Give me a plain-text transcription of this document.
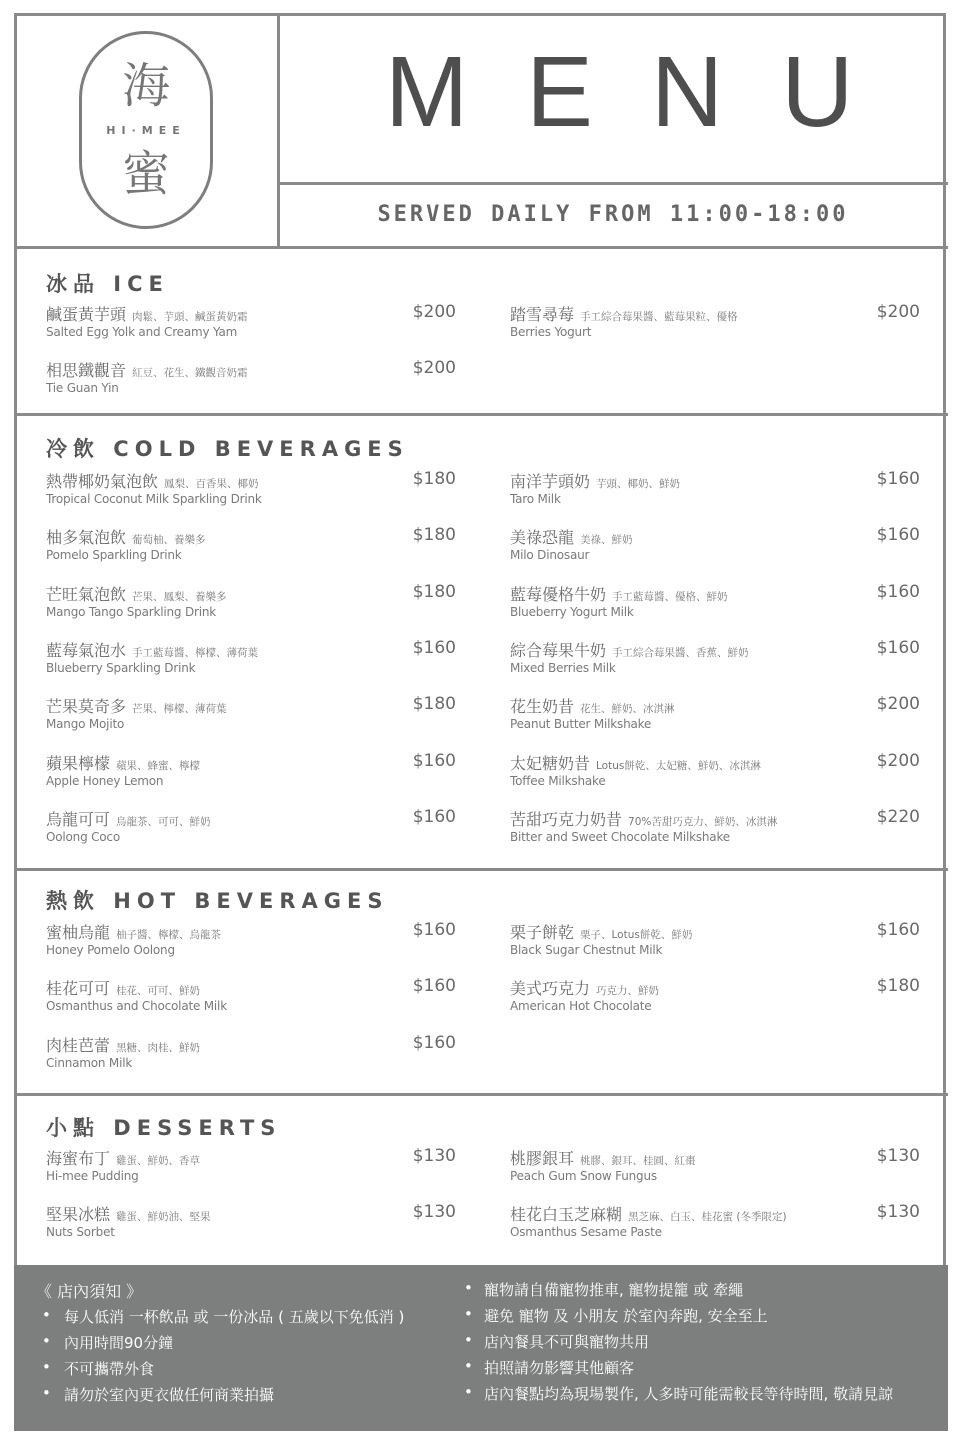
海
HI·MEE
蜜
MENU
SERVED DAILY FROM 11:00-18:00
冰品 ICE
冷飲 COLD BEVERAGES
熱飲 HOT BEVERAGES
小點 DESSERTS
鹹蛋黃芋頭 肉鬆、芋頭、鹹蛋黃奶霜
Salted Egg Yolk and Creamy Yam
$200
相思鐵觀音 紅豆、花生、鐵觀音奶霜
Tie Guan Yin
$200
踏雪尋莓 手工綜合莓果醬、藍莓果粒、優格
Berries Yogurt
$200
熱帶椰奶氣泡飲 鳳梨、百香果、椰奶
Tropical Coconut Milk Sparkling Drink
$180
柚多氣泡飲 葡萄柚、養樂多
Pomelo Sparkling Drink
$180
芒旺氣泡飲 芒果、鳳梨、養樂多
Mango Tango Sparkling Drink
$180
藍莓氣泡水 手工藍莓醬、檸檬、薄荷葉
Blueberry Sparkling Drink
$160
芒果莫奇多 芒果、檸檬、薄荷葉
Mango Mojito
$180
蘋果檸檬 蘋果、蜂蜜、檸檬
Apple Honey Lemon
$160
烏龍可可 烏龍茶、可可、鮮奶
Oolong Coco
$160
南洋芋頭奶 芋頭、椰奶、鮮奶
Taro Milk
$160
美祿恐龍 美祿、鮮奶
Milo Dinosaur
$160
藍莓優格牛奶 手工藍莓醬、優格、鮮奶
Blueberry Yogurt Milk
$160
綜合莓果牛奶 手工綜合莓果醬、香蕉、鮮奶
Mixed Berries Milk
$160
花生奶昔 花生、鮮奶、冰淇淋
Peanut Butter Milkshake
$200
太妃糖奶昔 Lotus餅乾、太妃糖、鮮奶、冰淇淋
Toffee Milkshake
$200
苦甜巧克力奶昔 70%苦甜巧克力、鮮奶、冰淇淋
Bitter and Sweet Chocolate Milkshake
$220
蜜柚烏龍 柚子醬、檸檬、烏龍茶
Honey Pomelo Oolong
$160
桂花可可 桂花、可可、鮮奶
Osmanthus and Chocolate Milk
$160
肉桂芭蕾 黑糖、肉桂、鮮奶
Cinnamon Milk
$160
栗子餅乾 栗子、Lotus餅乾、鮮奶
Black Sugar Chestnut Milk
$160
美式巧克力 巧克力、鮮奶
American Hot Chocolate
$180
海蜜布丁 雞蛋、鮮奶、香草
Hi-mee Pudding
$130
堅果冰糕 雞蛋、鮮奶油、堅果
Nuts Sorbet
$130
桃膠銀耳 桃膠、銀耳、桂圓、紅棗
Peach Gum Snow Fungus
$130
桂花白玉芝麻糊 黑芝麻、白玉、桂花蜜 (冬季限定)
Osmanthus Sesame Paste
$130
《 店內須知 》
• 每人低消 一杯飲品 或 一份冰品 ( 五歲以下免低消 )
• 內用時間90分鐘
• 不可攜帶外食
• 請勿於室內更衣做任何商業拍攝
• 寵物請自備寵物推車, 寵物提籠 或 牽繩
• 避免 寵物 及 小朋友 於室內奔跑, 安全至上
• 店內餐具不可與寵物共用
• 拍照請勿影響其他顧客
• 店內餐點均為現場製作, 人多時可能需較長等待時間, 敬請見諒
